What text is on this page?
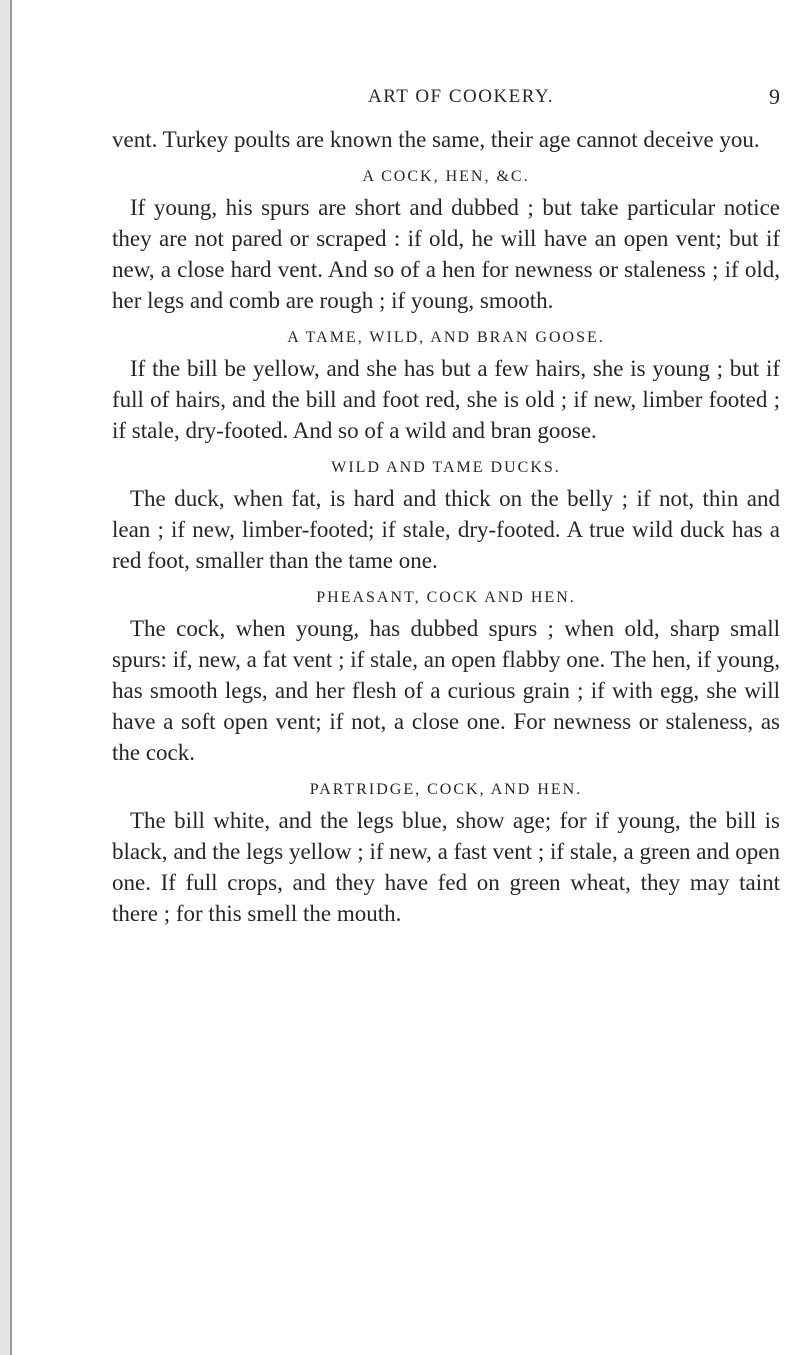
ART OF COOKERY.	9

vent. Turkey poults are known the same, their age cannot deceive you.

A COCK, HEN, &C.

If young, his spurs are short and dubbed ; but take particular notice they are not pared or scraped : if old, he will have an open vent; but if new, a close hard vent. And so of a hen for newness or staleness ; if old, her legs and comb are rough ; if young, smooth.

A TAME, WILD, AND BRAN GOOSE.

If the bill be yellow, and she has but a few hairs, she is young ; but if full of hairs, and the bill and foot red, she is old ; if new, limber footed ; if stale, dry-footed. And so of a wild and bran goose.

WILD AND TAME DUCKS.

The duck, when fat, is hard and thick on the belly ; if not, thin and lean ; if new, limber-footed; if stale, dry-footed. A true wild duck has a red foot, smaller than the tame one.

PHEASANT, COCK AND HEN.

The cock, when young, has dubbed spurs ; when old, sharp small spurs: if, new, a fat vent ; if stale, an open flabby one. The hen, if young, has smooth legs, and her flesh of a curious grain ; if with egg, she will have a soft open vent; if not, a close one. For newness or staleness, as the cock.

PARTRIDGE, COCK, AND HEN.

The bill white, and the legs blue, show age; for if young, the bill is black, and the legs yellow ; if new, a fast vent ; if stale, a green and open one. If full crops, and they have fed on green wheat, they may taint there ; for this smell the mouth.
